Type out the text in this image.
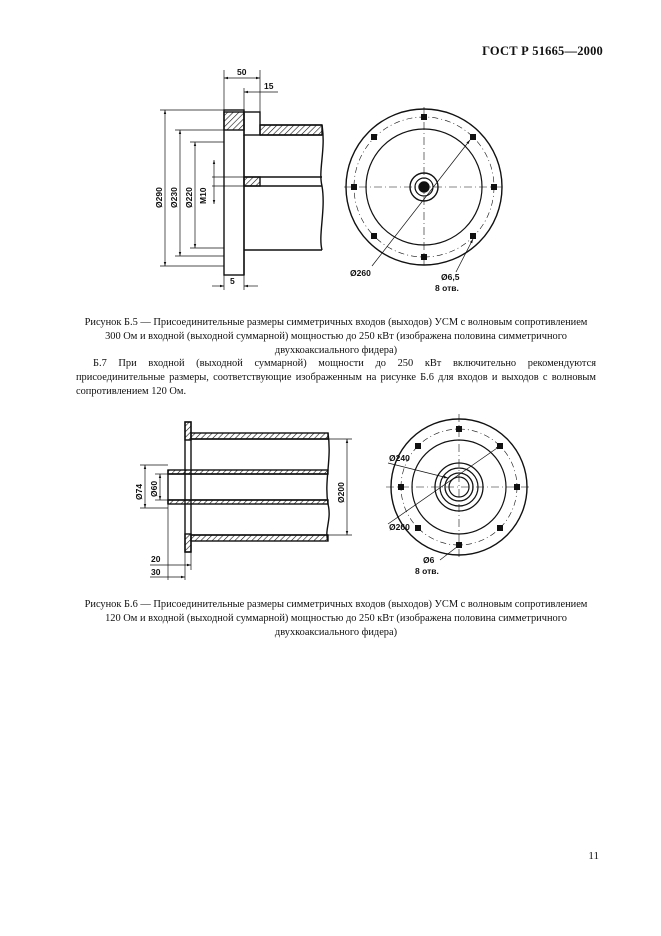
ГОСТ Р 51665—2000
50
15
Ø290 Ø230 Ø220 M10
5
Ø260	Ø6,5
8 отв.
Ø74 Ø60	Ø200
20
30
Ø240
Ø260
Ø6
8 отв.
Рисунок Б.5 — Присоединительные размеры симметричных входов (выходов) УСМ с волновым сопротивлением 300 Ом и входной (выходной суммарной) мощностью до 250 кВт (изображена половина симметричного двухкоаксиального фидера)
Б.7 При входной (выходной суммарной) мощности до 250 кВт включительно рекомендуются присоединительные размеры, соответствующие изображенным на рисунке Б.6 для входов и выходов с волновым сопротивлением 120 Ом.
Рисунок Б.6 — Присоединительные размеры симметричных входов (выходов) УСМ с волновым сопротивлением 120 Ом и входной (выходной суммарной) мощностью до 250 кВт (изображена половина симметричного двухкоаксиального фидера)
11
